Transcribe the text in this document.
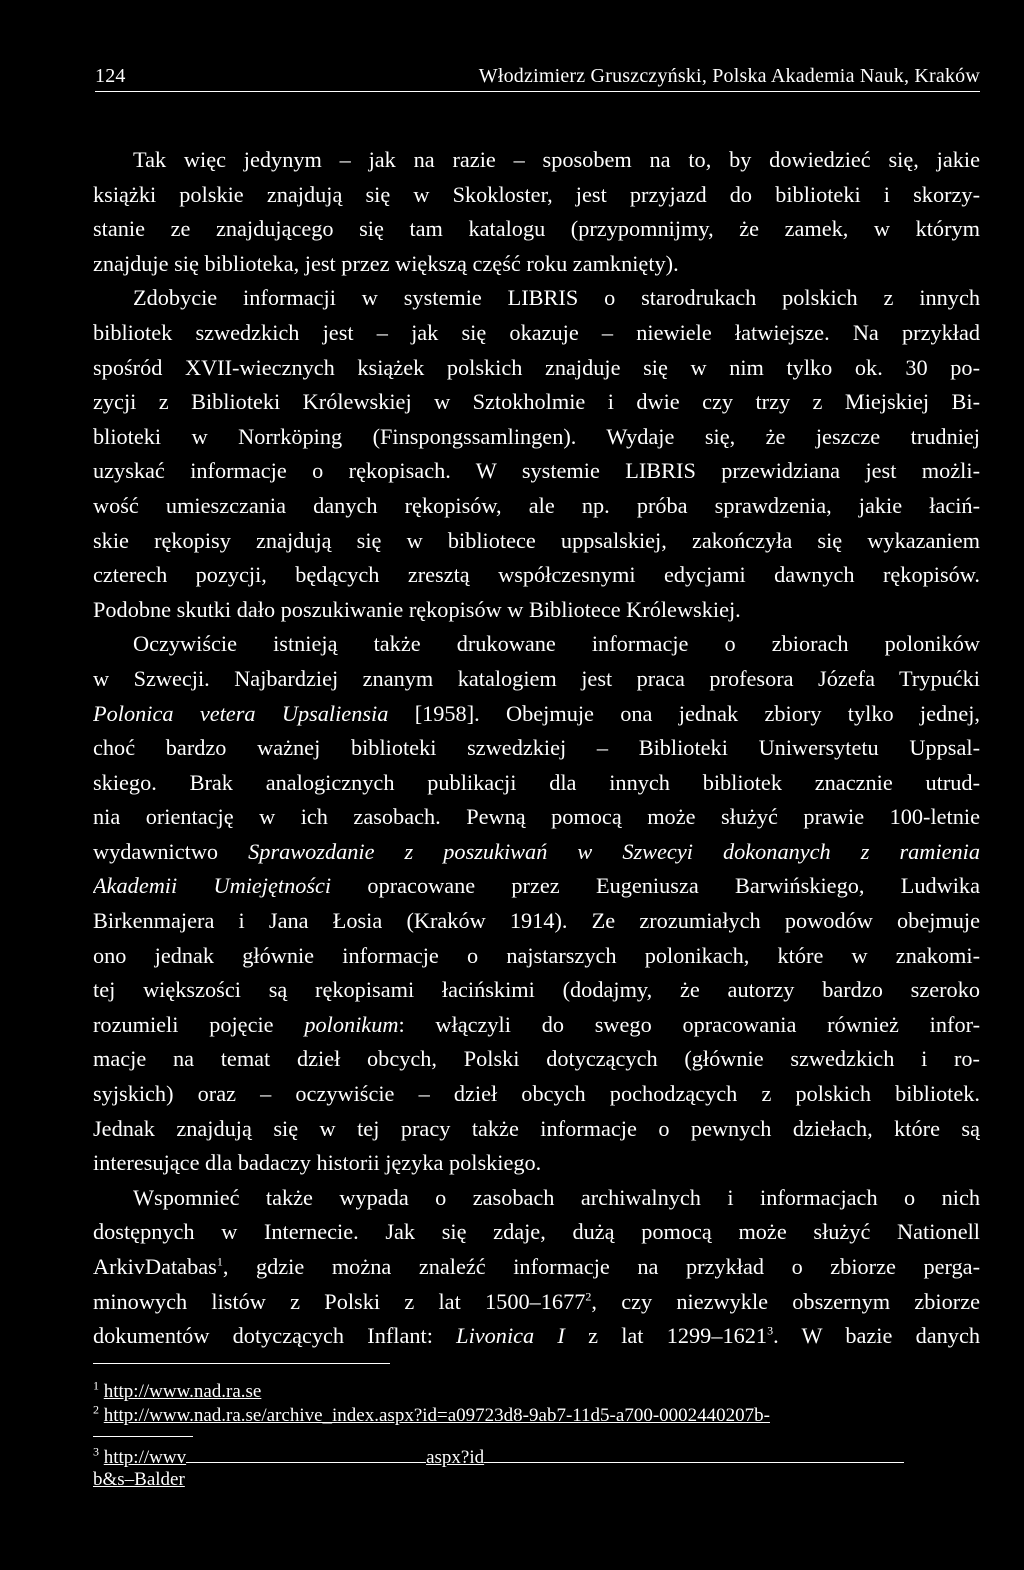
124	Włodzimierz Gruszczyński, Polska Akademia Nauk, Kraków
Tak więc jedynym – jak na razie – sposobem na to, by dowiedzieć się, jakie
książki polskie znajdują się w Skokloster, jest przyjazd do biblioteki i skorzy-
stanie ze znajdującego się tam katalogu (przypomnijmy, że zamek, w którym
znajduje się biblioteka, jest przez większą część roku zamknięty).
Zdobycie informacji w systemie LIBRIS o starodrukach polskich z innych
bibliotek szwedzkich jest – jak się okazuje – niewiele łatwiejsze. Na przykład
spośród XVII-wiecznych książek polskich znajduje się w nim tylko ok. 30 po-
zycji z Biblioteki Królewskiej w Sztokholmie i dwie czy trzy z Miejskiej Bi-
blioteki w Norrköping (Finspongssamlingen). Wydaje się, że jeszcze trudniej
uzyskać informacje o rękopisach. W systemie LIBRIS przewidziana jest możli-
wość umieszczania danych rękopisów, ale np. próba sprawdzenia, jakie łaciń-
skie rękopisy znajdują się w bibliotece uppsalskiej, zakończyła się wykazaniem
czterech pozycji, będących zresztą współczesnymi edycjami dawnych rękopisów.
Podobne skutki dało poszukiwanie rękopisów w Bibliotece Królewskiej.
Oczywiście istnieją także drukowane informacje o zbiorach poloników
w Szwecji. Najbardziej znanym katalogiem jest praca profesora Józefa Trypućki
Polonica vetera Upsaliensia [1958]. Obejmuje ona jednak zbiory tylko jednej,
choć bardzo ważnej biblioteki szwedzkiej – Biblioteki Uniwersytetu Uppsal-
skiego. Brak analogicznych publikacji dla innych bibliotek znacznie utrud-
nia orientację w ich zasobach. Pewną pomocą może służyć prawie 100-letnie
wydawnictwo Sprawozdanie z poszukiwań w Szwecyi dokonanych z ramienia
Akademii Umiejętności opracowane przez Eugeniusza Barwińskiego, Ludwika
Birkenmajera i Jana Łosia (Kraków 1914). Ze zrozumiałych powodów obejmuje
ono jednak głównie informacje o najstarszych polonikach, które w znakomi-
tej większości są rękopisami łacińskimi (dodajmy, że autorzy bardzo szeroko
rozumieli pojęcie polonikum: włączyli do swego opracowania również infor-
macje na temat dzieł obcych, Polski dotyczących (głównie szwedzkich i ro-
syjskich) oraz – oczywiście – dzieł obcych pochodzących z polskich bibliotek.
Jednak znajdują się w tej pracy także informacje o pewnych dziełach, które są
interesujące dla badaczy historii języka polskiego.
Wspomnieć także wypada o zasobach archiwalnych i informacjach o nich
dostępnych w Internecie. Jak się zdaje, dużą pomocą może służyć Nationell
ArkivDatabas$^1$, gdzie można znaleźć informacje na przykład o zbiorze perga-
minowych listów z Polski z lat 1500–1677$^2$, czy niezwykle obszernym zbiorze
dokumentów dotyczących Inflant: Livonica I z lat 1299–1621$^3$. W bazie danych
$^1$ http://www.nad.ra.se
$^2$ http://www.nad.ra.se/archive_index.aspx?id=a09723d8-9ab7-11d5-a700-0002440207b-
$^3$ http://wwv	aspx?id
b&s–Balder
